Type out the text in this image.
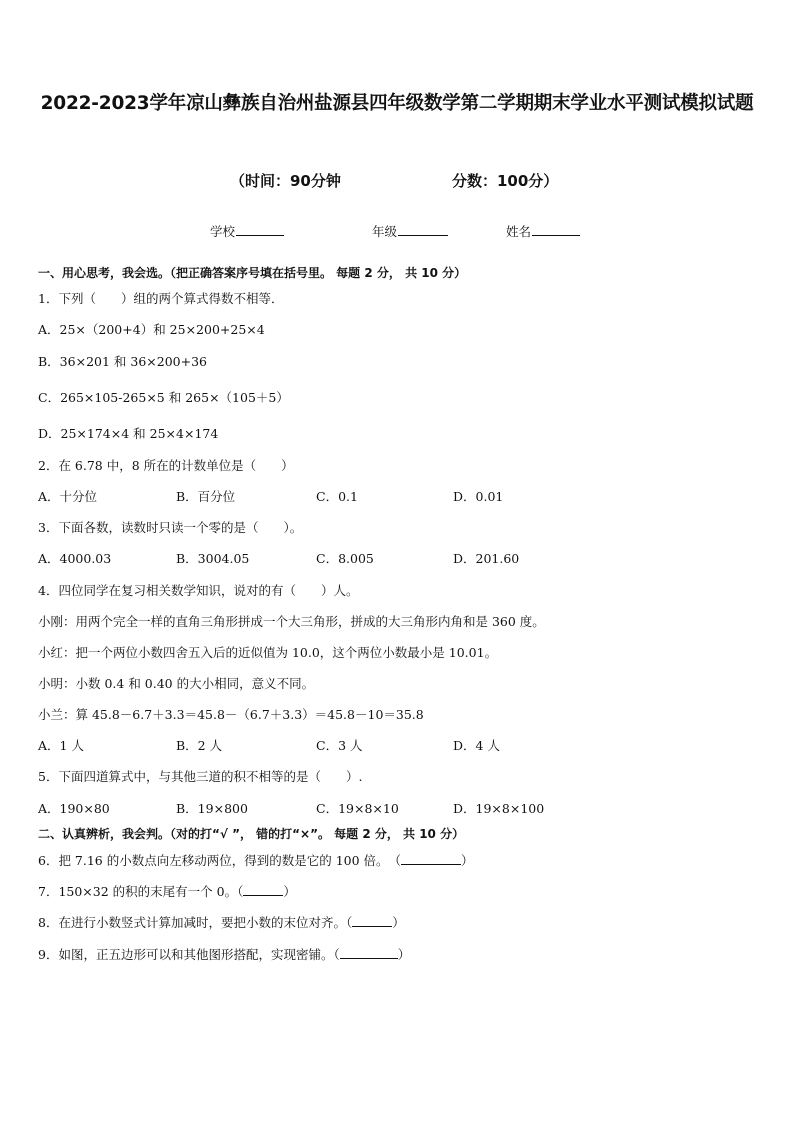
2022-2023学年凉山彝族自治州盐源县四年级数学第二学期期末学业水平测试模拟试题
（时间：90分钟	分数：100分）
学校	年级	姓名
一、用心思考，我会选。（把正确答案序号填在括号里。 每题 2 分， 共 10 分）
1．下列（　　）组的两个算式得数不相等．
A．25×（200+4）和 25×200+25×4
B．36×201 和 36×200+36
C．265×105-265×5 和 265×（105＋5）
D．25×174×4 和 25×4×174
2．在 6.78 中，8 所在的计数单位是（　　）
A．十分位	B．百分位	C．0.1	D．0.01
3．下面各数，读数时只读一个零的是（　　）。
A．4000.03	B．3004.05	C．8.005	D．201.60
4．四位同学在复习相关数学知识，说对的有（　　）人。
小刚：用两个完全一样的直角三角形拼成一个大三角形，拼成的大三角形内角和是 360 度。
小红：把一个两位小数四舍五入后的近似值为 10.0，这个两位小数最小是 10.01。
小明：小数 0.4 和 0.40 的大小相同，意义不同。
小兰：算 45.8－6.7＋3.3＝45.8－（6.7＋3.3）＝45.8－10＝35.8
A．1 人	B．2 人	C．3 人	D．4 人
5．下面四道算式中，与其他三道的积不相等的是（　　）.
A．190×80	B．19×800	C．19×8×10	D．19×8×100
二、认真辨析，我会判。（对的打“√ ”， 错的打“×”。 每题 2 分， 共 10 分）
6．把 7.16 的小数点向左移动两位，得到的数是它的 100 倍。　（	）
7．150×32 的积的末尾有一个 0。（	）
8．在进行小数竖式计算加减时，要把小数的末位对齐。（	）
9．如图，正五边形可以和其他图形搭配，实现密铺。（	）
